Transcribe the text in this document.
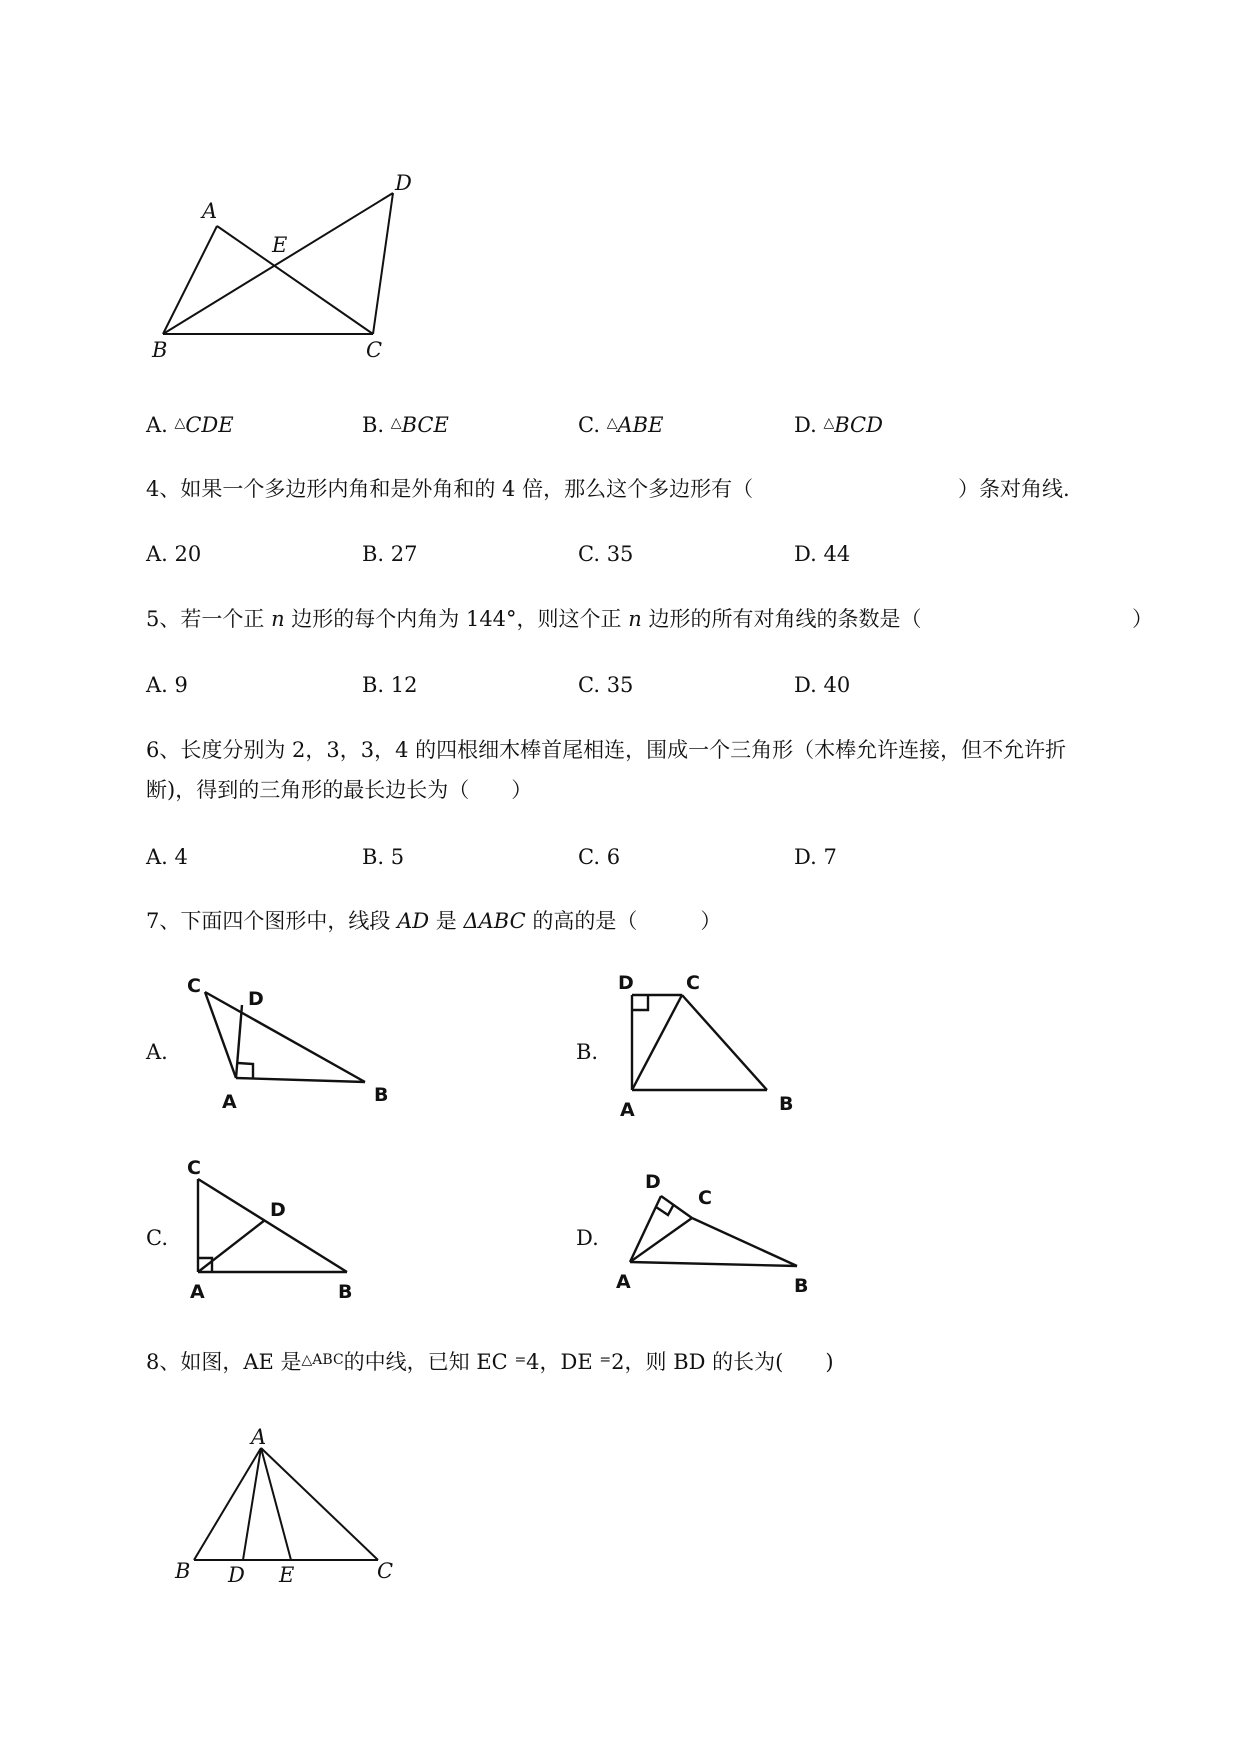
A
E
D
B	C
A. △CDE	B. △BCE	C. △ABE	D. △BCD
4、如果一个多边形内角和是外角和的 4 倍，那么这个多边形有（	）条对角线.
A. 20	B. 27	C. 35	D. 44
5、若一个正 n 边形的每个内角为 144°，则这个正 n 边形的所有对角线的条数是（	）
A. 9	B. 12	C. 35	D. 40
6、长度分别为 2，3，3，4 的四根细木棒首尾相连，围成一个三角形（木棒允许连接，但不允许折
断)，得到的三角形的最长边长为（　　）
A. 4	B. 5	C. 6	D. 7
7、下面四个图形中，线段 AD 是 ΔABC 的高的是（　　　）
A.	B.
C.	D.
C
D
A	B
D	C
A	B
C
D
A	B
D
C
A	B
8、如图，AE 是$^{\triangle ABC}$的中线，已知 EC =4，DE =2，则 BD 的长为(　　)
A
B D E	C
